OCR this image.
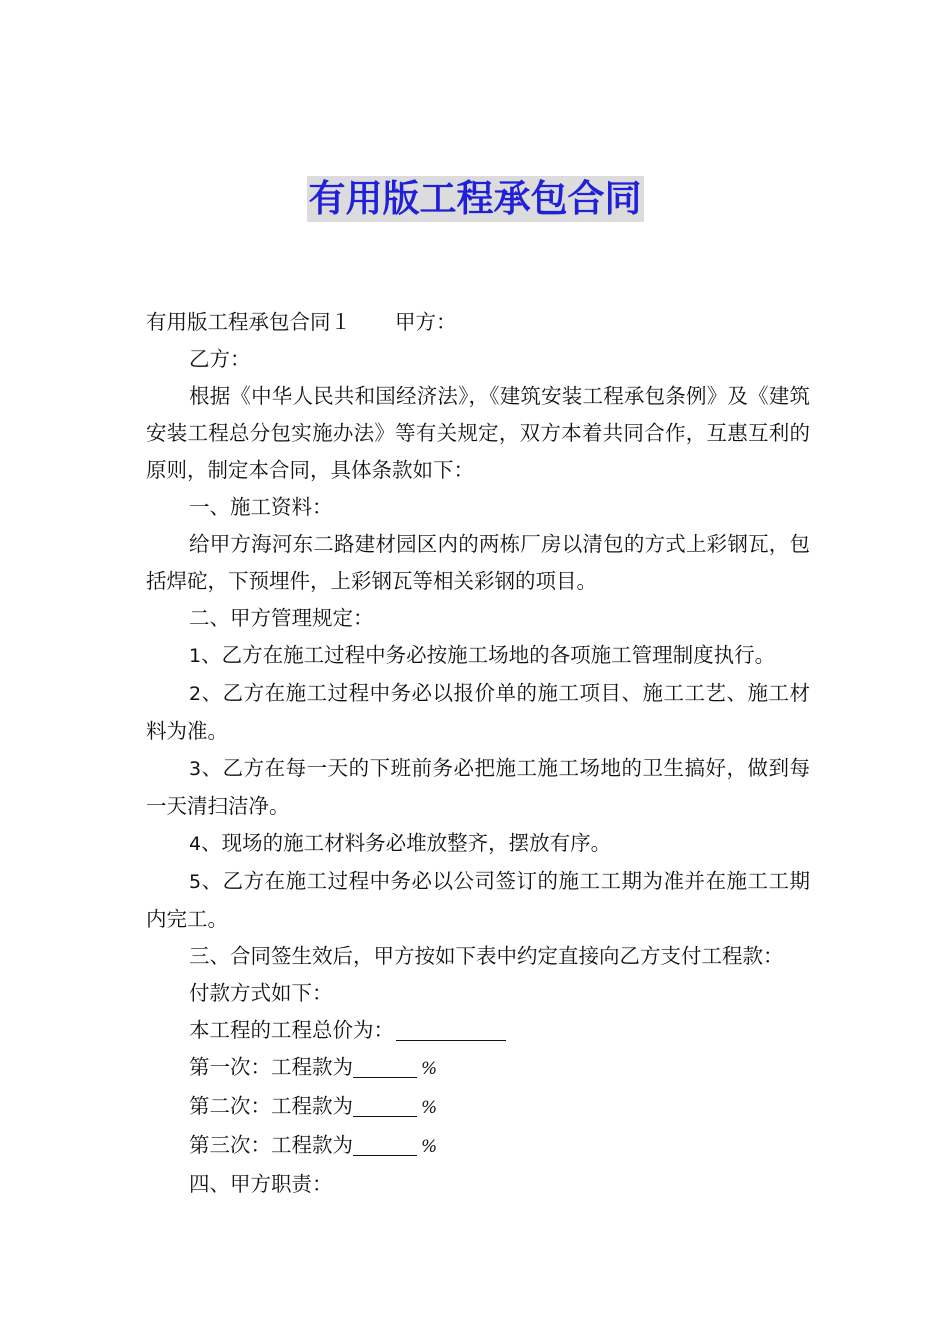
有用版工程承包合同

有用版工程承包合同１ 甲方：

乙方：

根据《中华人民共和国经济法》，《建筑安装工程承包条例》及《建筑安装工程总分包实施办法》等有关规定，双方本着共同合作，互惠互利的原则，制定本合同，具体条款如下：

一、施工资料：

给甲方海河东二路建材园区内的两栋厂房以清包的方式上彩钢瓦，包括焊砣，下预埋件，上彩钢瓦等相关彩钢的项目。

二、甲方管理规定：

1、乙方在施工过程中务必按施工场地的各项施工管理制度执行。

2、乙方在施工过程中务必以报价单的施工项目、施工工艺、施工材料为准。

3、乙方在每一天的下班前务必把施工施工场地的卫生搞好，做到每一天清扫洁净。

4、现场的施工材料务必堆放整齐，摆放有序。

5、乙方在施工过程中务必以公司签订的施工工期为准并在施工工期内完工。

三、合同签生效后，甲方按如下表中约定直接向乙方支付工程款：

付款方式如下：

本工程的工程总价为：

第一次：工程款为	%

第二次：工程款为	%

第三次：工程款为	%

四、甲方职责：
